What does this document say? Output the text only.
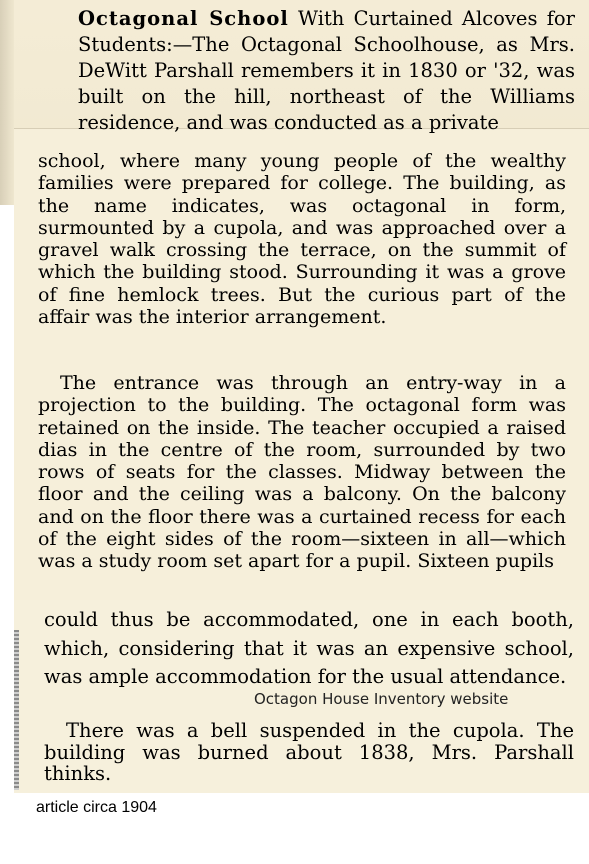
Octagonal School With Curtained Alcoves for Students:—The Octagonal Schoolhouse, as Mrs. DeWitt Parshall remembers it in 1830 or '32, was built on the hill, northeast of the Williams residence, and was conducted as a private

school, where many young people of the wealthy families were prepared for college. The building, as the name indicates, was octagonal in form, surmounted by a cupola, and was approached over a gravel walk crossing the terrace, on the summit of which the building stood. Surrounding it was a grove of fine hemlock trees. But the curious part of the affair was the interior arrangement.

The entrance was through an entry-way in a projection to the building. The octagonal form was retained on the inside. The teacher occupied a raised dias in the centre of the room, surrounded by two rows of seats for the classes. Midway between the floor and the ceiling was a balcony. On the balcony and on the floor there was a curtained recess for each of the eight sides of the room—sixteen in all—which was a study room set apart for a pupil. Sixteen pupils

could thus be accommodated, one in each booth, which, considering that it was an expensive school, was ample accommodation for the usual attendance.

There was a bell suspended in the cupola. The building was burned about 1838, Mrs. Parshall thinks.

Octagon House Inventory website
article circa 1904
